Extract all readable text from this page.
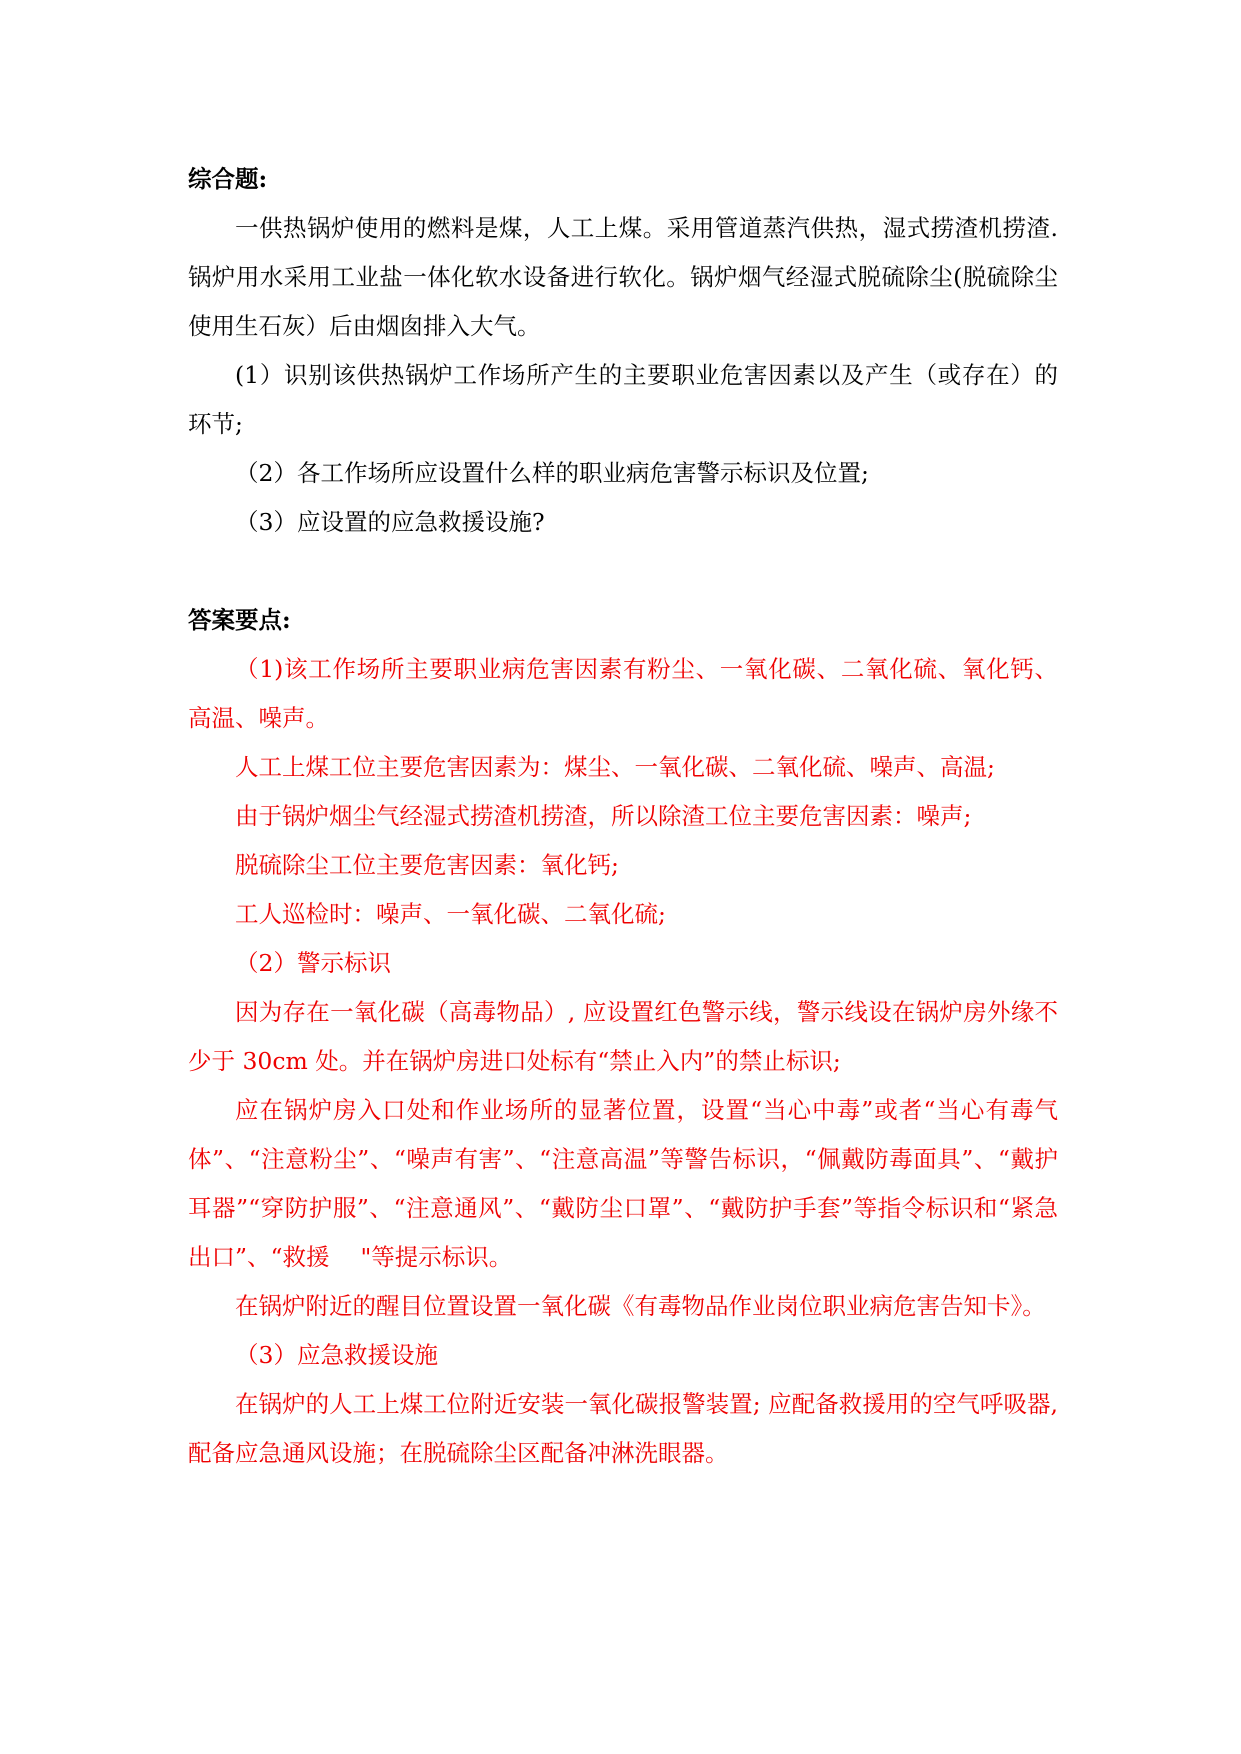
综合题:

一供热锅炉使用的燃料是煤，人工上煤。采用管道蒸汽供热，湿式捞渣机捞渣. 锅炉用水采用工业盐一体化软水设备进行软化。锅炉烟气经湿式脱硫除尘(脱硫除尘使用生石灰）后由烟囱排入大气。

(1）识别该供热锅炉工作场所产生的主要职业危害因素以及产生（或存在）的环节;

（2）各工作场所应设置什么样的职业病危害警示标识及位置;

（3）应设置的应急救援设施?

答案要点:

（1)该工作场所主要职业病危害因素有粉尘、一氧化碳、二氧化硫、氧化钙、高温、噪声。

人工上煤工位主要危害因素为：煤尘、一氧化碳、二氧化硫、噪声、高温;

由于锅炉烟尘气经湿式捞渣机捞渣，所以除渣工位主要危害因素：噪声;

脱硫除尘工位主要危害因素：氧化钙;

工人巡检时：噪声、一氧化碳、二氧化硫;

（2）警示标识

因为存在一氧化碳（高毒物品）, 应设置红色警示线，警示线设在锅炉房外缘不少于 30cm 处。并在锅炉房进口处标有“禁止入内”的禁止标识;

应在锅炉房入口处和作业场所的显著位置，设置“当心中毒”或者“当心有毒气体”、“注意粉尘”、“噪声有害”、“注意高温”等警告标识，“佩戴防毒面具”、“戴护耳器”“穿防护服”、“注意通风”、“戴防尘口罩”、“戴防护手套”等指令标识和“紧急出口”、“救援　 "等提示标识。

在锅炉附近的醒目位置设置一氧化碳《有毒物品作业岗位职业病危害告知卡》。

（3）应急救援设施

在锅炉的人工上煤工位附近安装一氧化碳报警装置; 应配备救援用的空气呼吸器, 配备应急通风设施；在脱硫除尘区配备冲淋洗眼器。
